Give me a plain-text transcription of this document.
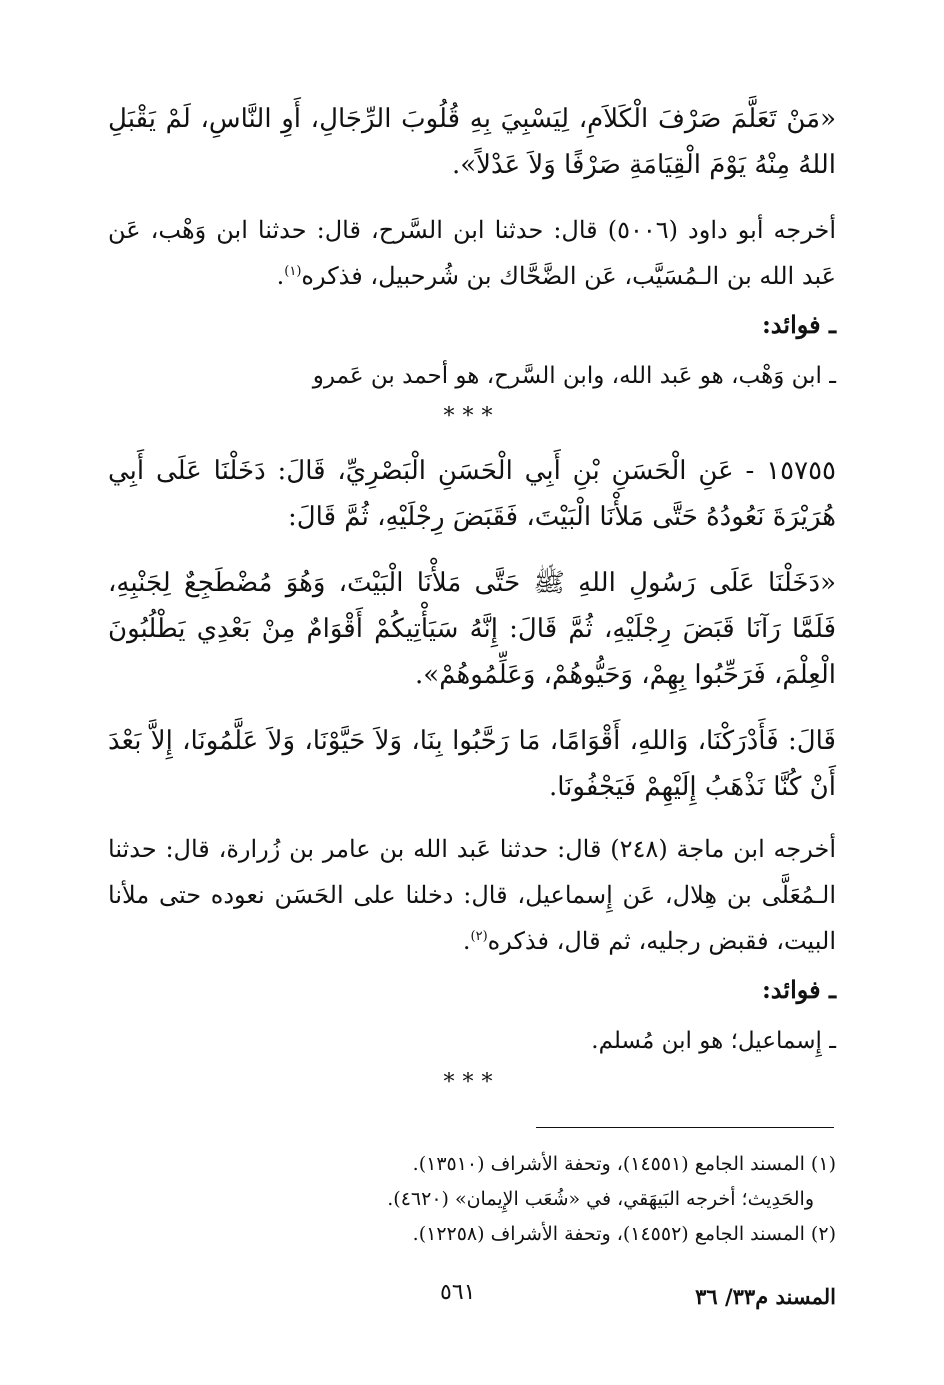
«مَنْ تَعَلَّمَ صَرْفَ الْكَلاَمِ، لِيَسْبِيَ بِهِ قُلُوبَ الرِّجَالِ، أَوِ النَّاسِ، لَمْ يَقْبَلِ اللهُ مِنْهُ يَوْمَ الْقِيَامَةِ صَرْفًا وَلاَ عَدْلاً».
أخرجه أبو داود (٥٠٠٦) قال: حدثنا ابن السَّرح، قال: حدثنا ابن وَهْب، عَن عَبد الله بن الـمُسَيَّب، عَن الضَّحَّاك بن شُرحبيل، فذكره$^{(١)}$.
ـ فوائد:
ـ ابن وَهْب، هو عَبد الله، وابن السَّرح، هو أحمد بن عَمرو
***
١٥٧٥٥ - عَنِ الْحَسَنِ بْنِ أَبِي الْحَسَنِ الْبَصْرِيِّ، قَالَ: دَخَلْنَا عَلَى أَبِي هُرَيْرَةَ نَعُودُهُ حَتَّى مَلأْنَا الْبَيْتَ، فَقَبَضَ رِجْلَيْهِ، ثُمَّ قَالَ:
«دَخَلْنَا عَلَى رَسُولِ اللهِ ﷺ حَتَّى مَلأْنَا الْبَيْتَ، وَهُوَ مُضْطَجِعٌ لِجَنْبِهِ، فَلَمَّا رَآنَا قَبَضَ رِجْلَيْهِ، ثُمَّ قَالَ: إِنَّهُ سَيَأْتِيكُمْ أَقْوَامٌ مِنْ بَعْدِي يَطْلُبُونَ الْعِلْمَ، فَرَحِّبُوا بِهِمْ، وَحَيُّوهُمْ، وَعَلِّمُوهُمْ».
قَالَ: فَأَدْرَكْنَا، وَاللهِ، أَقْوَامًا، مَا رَحَّبُوا بِنَا، وَلاَ حَيَّوْنَا، وَلاَ عَلَّمُونَا، إِلاَّ بَعْدَ أَنْ كُنَّا نَذْهَبُ إِلَيْهِمْ فَيَجْفُونَا.
أخرجه ابن ماجة (٢٤٨) قال: حدثنا عَبد الله بن عامر بن زُرارة، قال: حدثنا الـمُعَلَّى بن هِلال، عَن إِسماعيل، قال: دخلنا على الحَسَن نعوده حتى ملأنا البيت، فقبض رجليه، ثم قال، فذكره$^{(٢)}$.
ـ فوائد:
ـ إِسماعيل؛ هو ابن مُسلم.
***
(١) المسند الجامع (١٤٥٥١)، وتحفة الأشراف (١٣٥١٠).
والحَدِيث؛ أخرجه البَيهَقي، في «شُعَب الإِيمان» (٤٦٢٠).
(٢) المسند الجامع (١٤٥٥٢)، وتحفة الأشراف (١٢٢٥٨).
المسند م٣٣/ ٣٦
٥٦١
